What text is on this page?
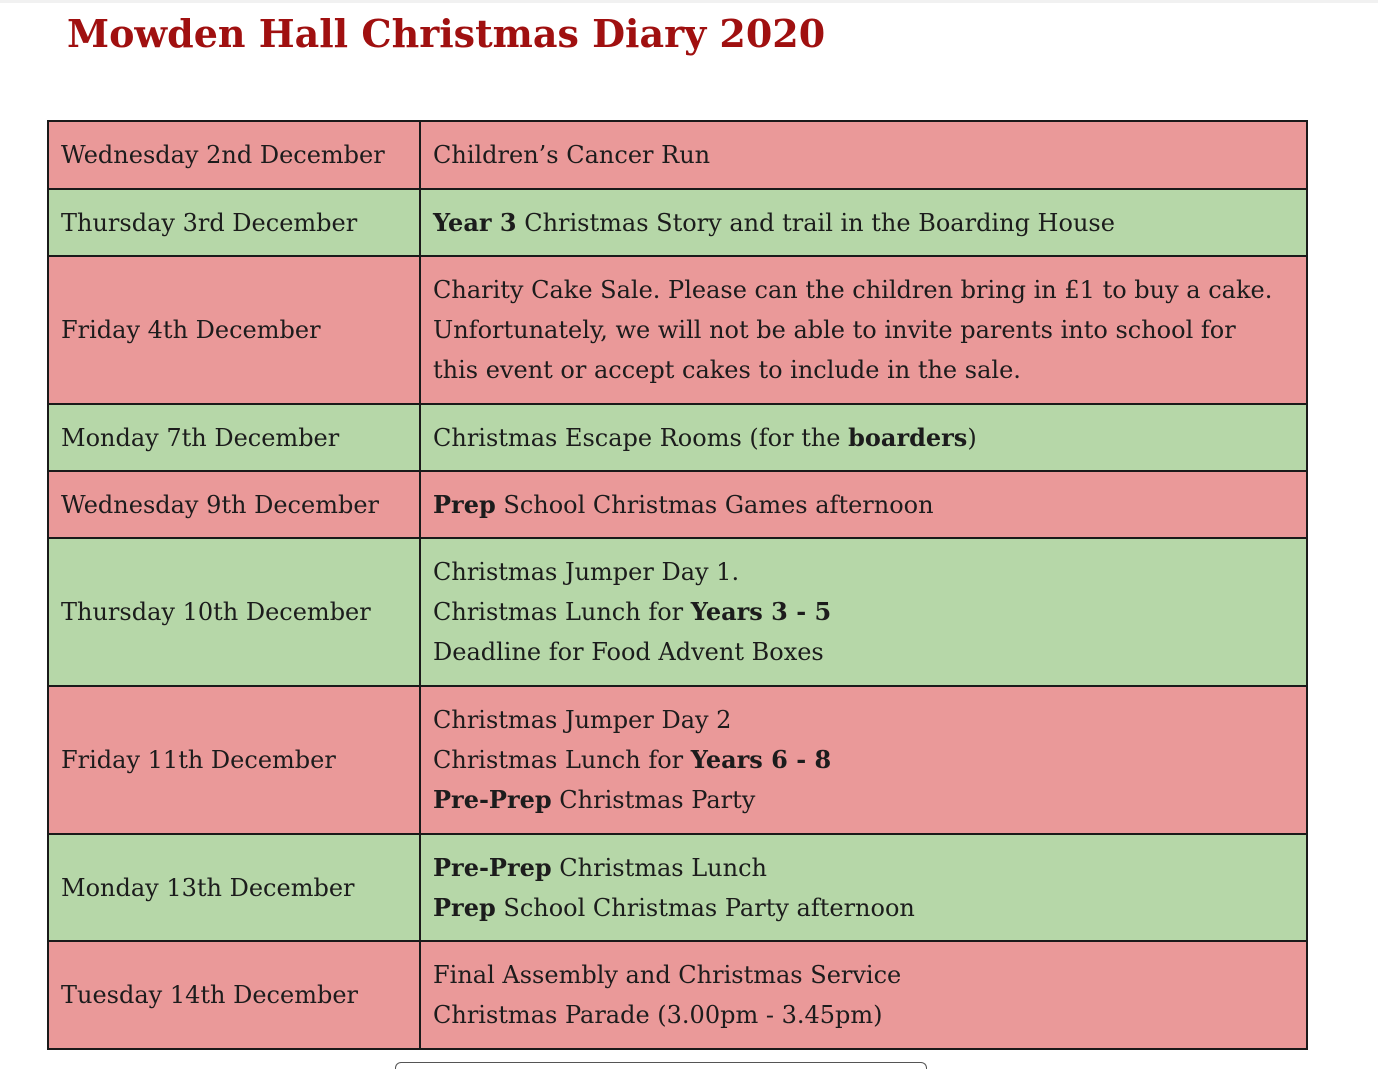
Mowden Hall Christmas Diary 2020
Wednesday 2nd December	Children’s Cancer Run

Thursday 3rd December	Year 3 Christmas Story and trail in the Boarding House

Friday 4th December	Charity Cake Sale. Please can the children bring in £1 to buy a cake.
Unfortunately, we will not be able to invite parents into school for
this event or accept cakes to include in the sale.

Monday 7th December	Christmas Escape Rooms (for the boarders)

Wednesday 9th December	Prep School Christmas Games afternoon

Thursday 10th December	Christmas Jumper Day 1.
Christmas Lunch for Years 3 - 5
Deadline for Food Advent Boxes

Friday 11th December	Christmas Jumper Day 2
Christmas Lunch for Years 6 - 8
Pre-Prep Christmas Party

Monday 13th December	Pre-Prep Christmas Lunch
Prep School Christmas Party afternoon

Tuesday 14th December	Final Assembly and Christmas Service
Christmas Parade (3.00pm - 3.45pm)
